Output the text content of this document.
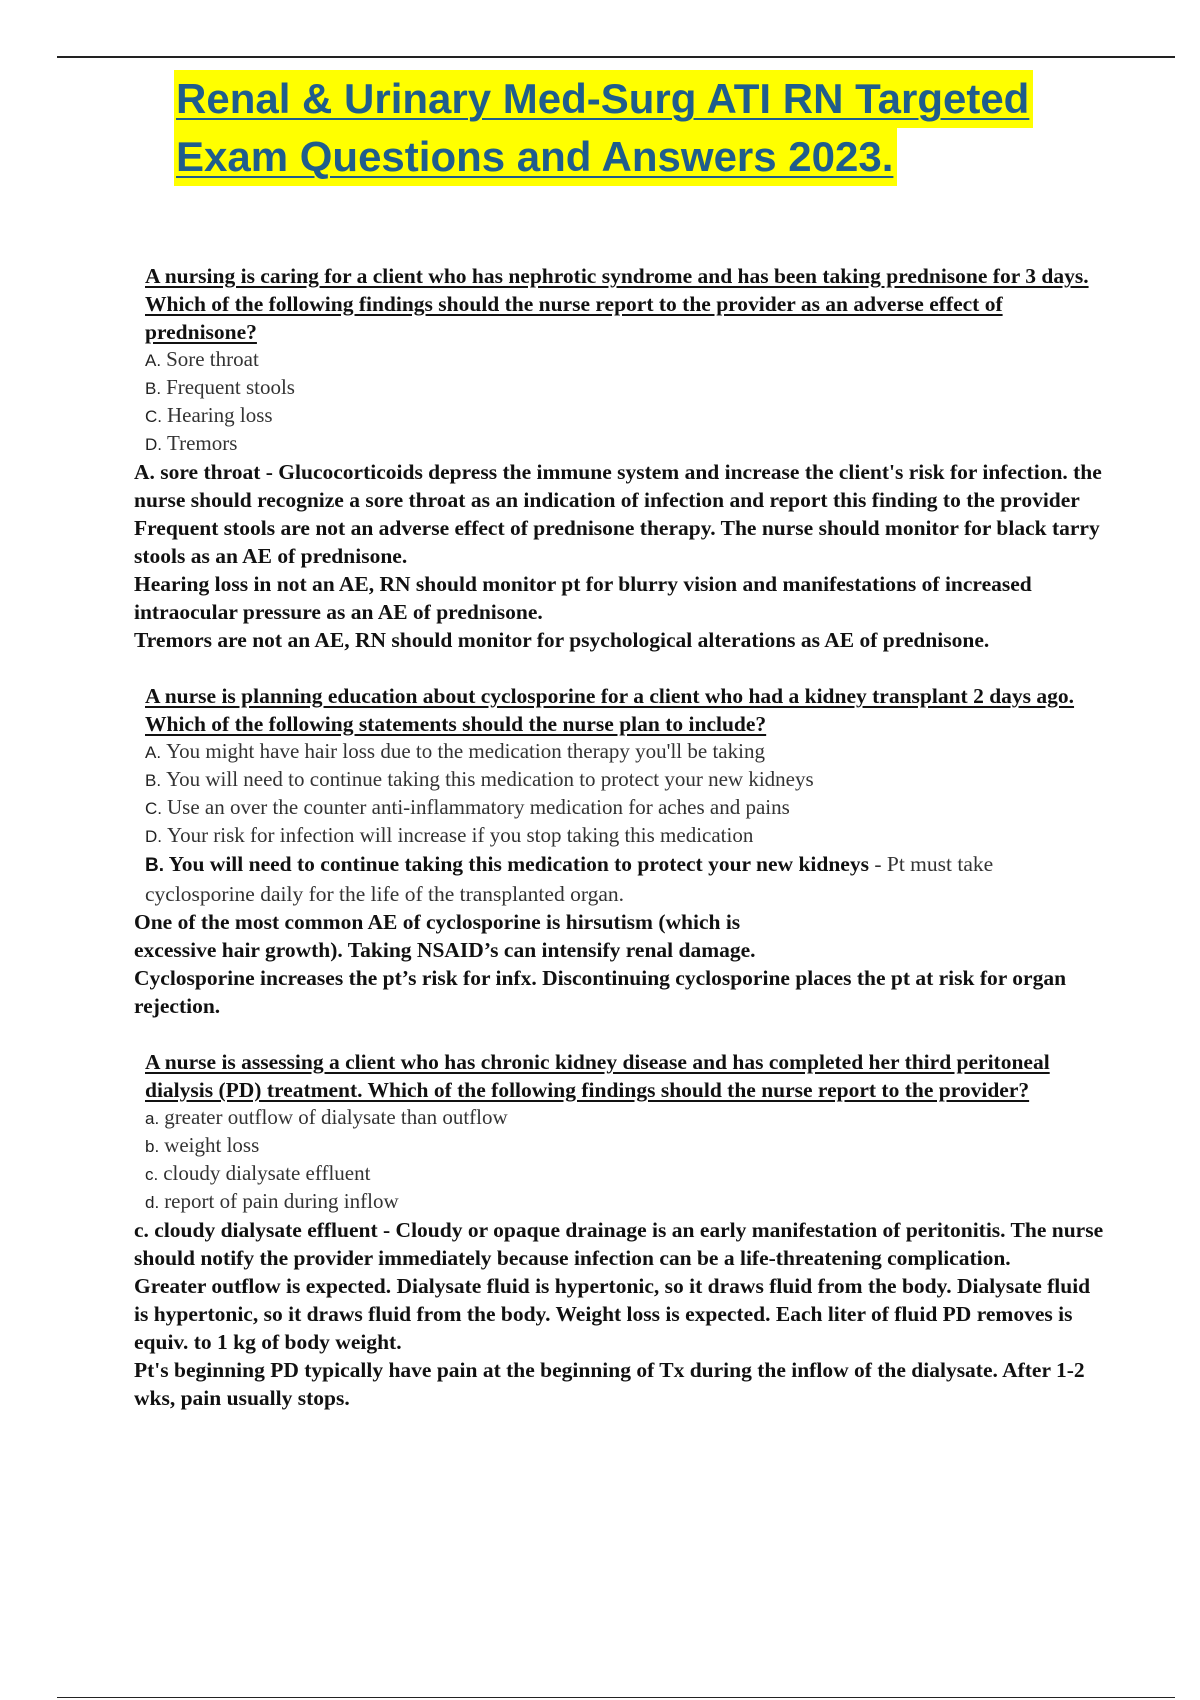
Renal & Urinary Med-Surg ATI RN Targeted
Exam Questions and Answers 2023.
A nursing is caring for a client who has nephrotic syndrome and has been taking prednisone for 3 days. Which of the following findings should the nurse report to the provider as an adverse effect of prednisone?
A. Sore throat
B. Frequent stools
C. Hearing loss
D. Tremors
A. sore throat - Glucocorticoids depress the immune system and increase the client's risk for infection. the nurse should recognize a sore throat as an indication of infection and report this finding to the provider
Frequent stools are not an adverse effect of prednisone therapy. The nurse should monitor for black tarry stools as an AE of prednisone.
Hearing loss in not an AE, RN should monitor pt for blurry vision and manifestations of increased intraocular pressure as an AE of prednisone.
Tremors are not an AE, RN should monitor for psychological alterations as AE of prednisone.
A nurse is planning education about cyclosporine for a client who had a kidney transplant 2 days ago. Which of the following statements should the nurse plan to include?
A. You might have hair loss due to the medication therapy you'll be taking
B. You will need to continue taking this medication to protect your new kidneys
C. Use an over the counter anti-inflammatory medication for aches and pains
D. Your risk for infection will increase if you stop taking this medication
B. You will need to continue taking this medication to protect your new kidneys - Pt must take cyclosporine daily for the life of the transplanted organ.
One of the most common AE of cyclosporine is hirsutism (which is excessive hair growth). Taking NSAID’s can intensify renal damage.
Cyclosporine increases the pt’s risk for infx. Discontinuing cyclosporine places the pt at risk for organ rejection.
A nurse is assessing a client who has chronic kidney disease and has completed her third peritoneal dialysis (PD) treatment. Which of the following findings should the nurse report to the provider?
a. greater outflow of dialysate than outflow
b. weight loss
c. cloudy dialysate effluent
d. report of pain during inflow
c. cloudy dialysate effluent - Cloudy or opaque drainage is an early manifestation of peritonitis. The nurse should notify the provider immediately because infection can be a life-threatening complication.
Greater outflow is expected. Dialysate fluid is hypertonic, so it draws fluid from the body. Dialysate fluid is hypertonic, so it draws fluid from the body. Weight loss is expected. Each liter of fluid PD removes is equiv. to 1 kg of body weight.
Pt's beginning PD typically have pain at the beginning of Tx during the inflow of the dialysate. After 1-2 wks, pain usually stops.
